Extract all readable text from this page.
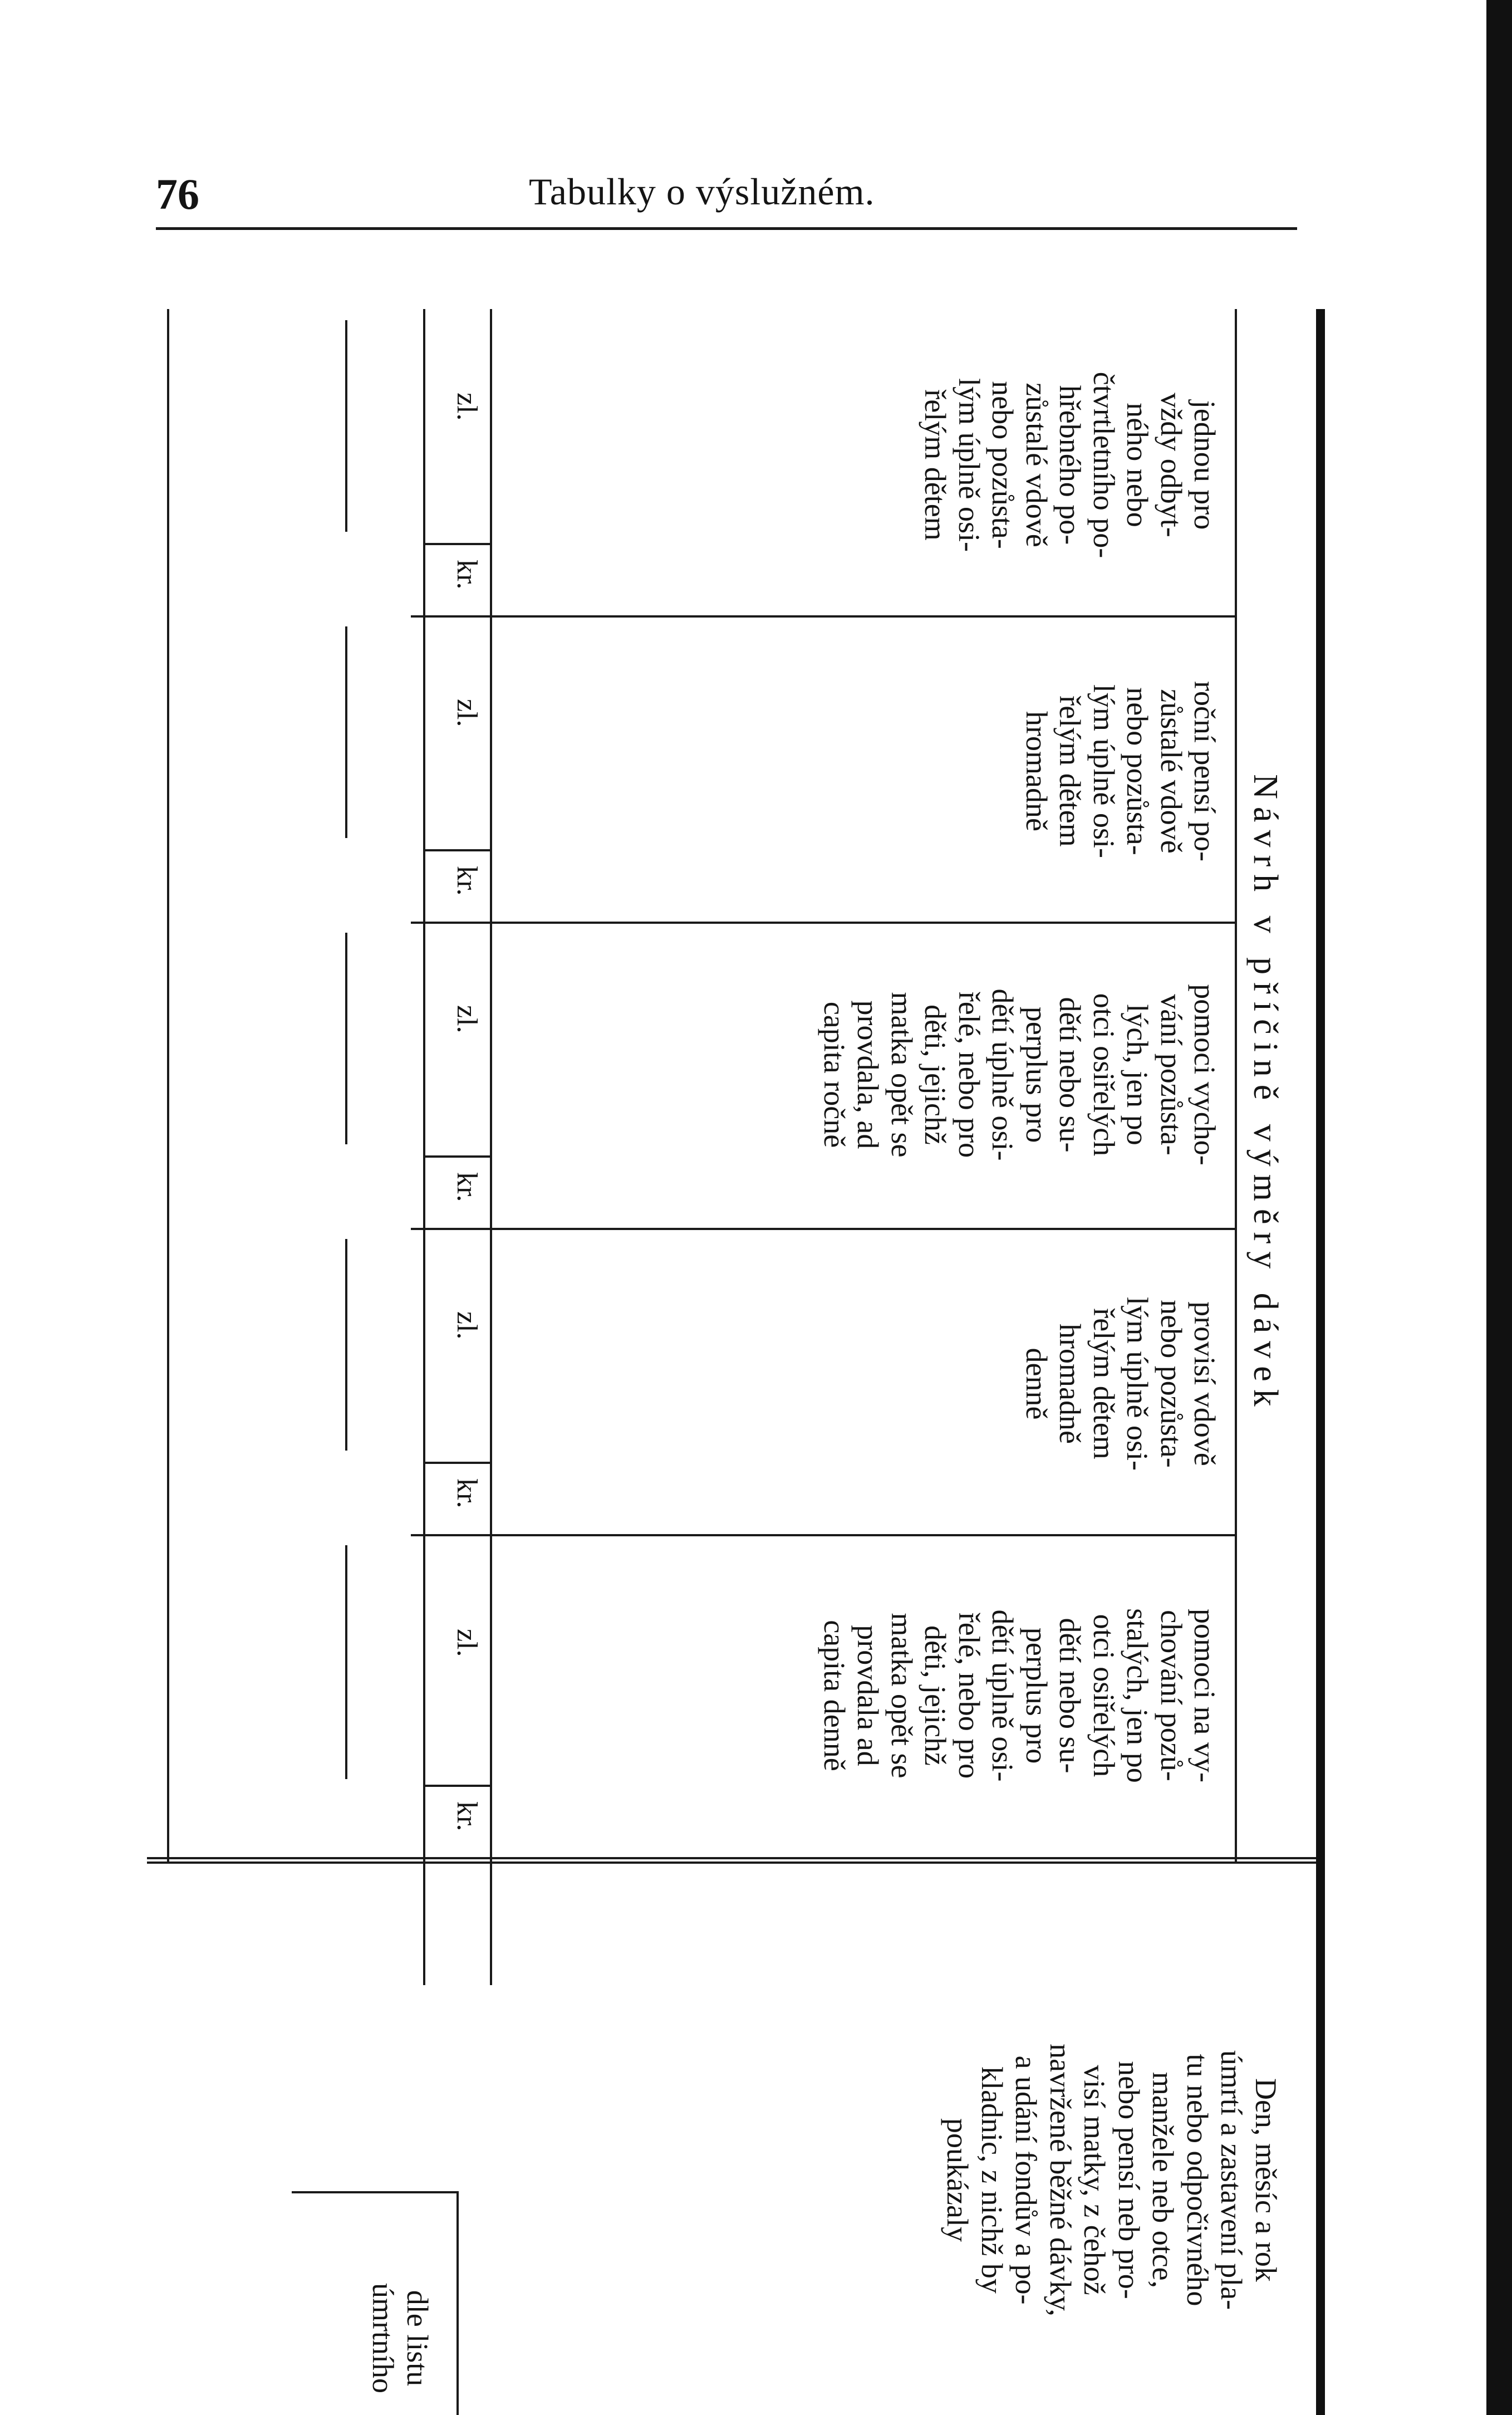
76	Tabulky o výslužném.
Návrh v příčině výměry dávek
jednou pro
vždy odbyt-
ného nebo
čtvrtletního po-
hřebného po-
zůstalé vdově
nebo pozůsta-
lým úplně osi-
řelým dětem
roční pensí po-
zůstalé vdově
nebo pozůsta-
lým úplně osi-
řelým dětem
hromadně
pomoci vycho-
vání pozůsta-
lých, jen po
otci osiřelých
dětí nebo su-
perplus pro
dětí úplně osi-
řelé, nebo pro
děti, jejichž
matka opět se
provdala, ad
capita ročně
provisí vdově
nebo pozůsta-
lým úplně osi-
řelým dětem
hromadně
denně
pomoci na vy-
chování pozů-
stalých, jen po
otci osiřelých
dětí nebo su-
perplus pro
dětí úplně osi-
řelé, nebo pro
děti, jejichž
matka opět se
provdala ad
capita denně
zl.
kr.
zl.
kr.
zl.
kr.
zl.
kr.
zl.
kr.
Den, měsíc a rok
úmrtí a zastavení pla-
tu nebo odpočivného
manžele neb otce,
nebo pensí neb pro-
visí matky, z čehož
navržené běžné dávky,
a udání fondův a po-
kladnic, z nichž by
poukázaly
dle listu
úmrtního
